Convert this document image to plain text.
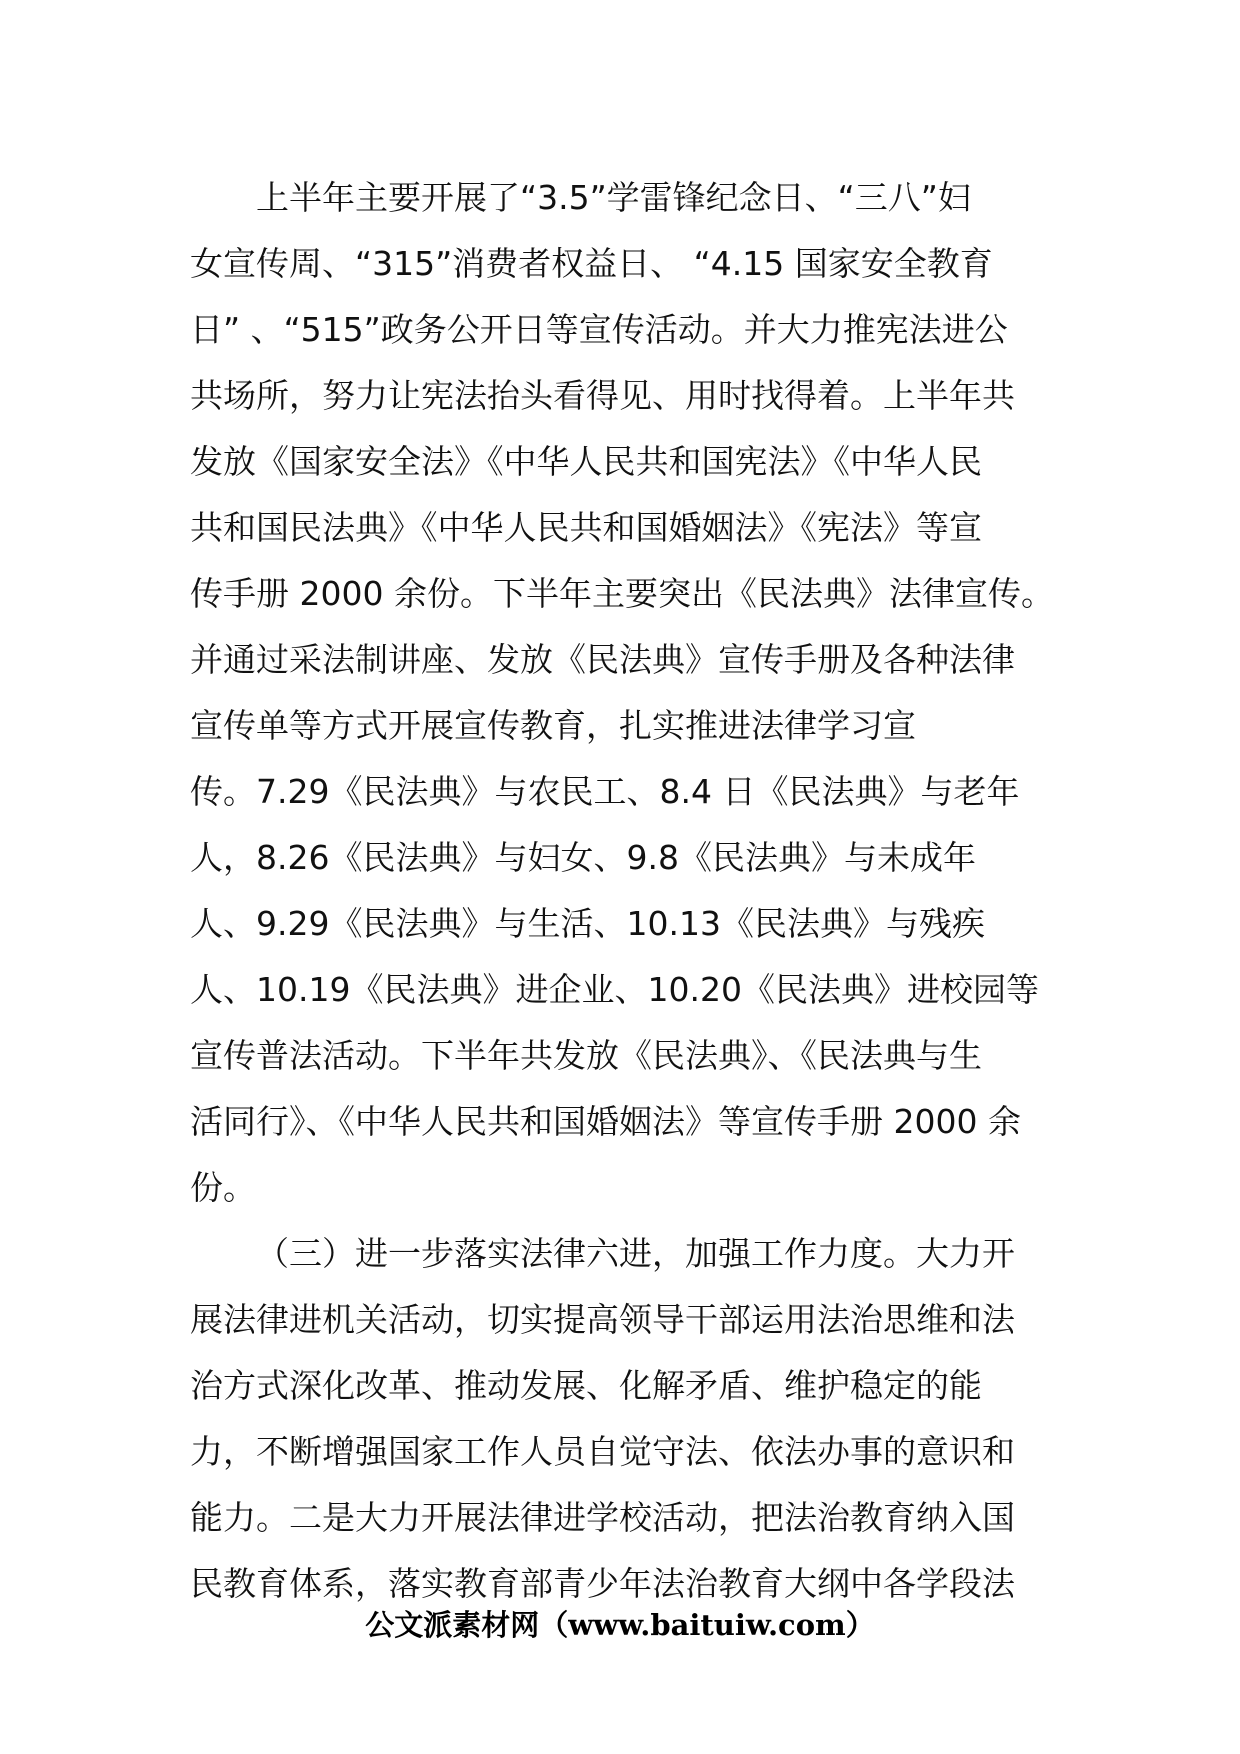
上半年主要开展了“3.5”学雷锋纪念日、“三八”妇
女宣传周、“315”消费者权益日、 “4.15 国家安全教育
日” 、“515”政务公开日等宣传活动。并大力推宪法进公
共场所，努力让宪法抬头看得见、用时找得着。上半年共
发放《国家安全法》《中华人民共和国宪法》《中华人民
共和国民法典》《中华人民共和国婚姻法》《宪法》等宣
传手册 2000 余份。下半年主要突出《民法典》法律宣传。
并通过采法制讲座、发放《民法典》宣传手册及各种法律
宣传单等方式开展宣传教育，扎实推进法律学习宣
传。7.29《民法典》与农民工、8.4 日《民法典》与老年
人，8.26《民法典》与妇女、9.8《民法典》与未成年
人、9.29《民法典》与生活、10.13《民法典》与残疾
人、10.19《民法典》进企业、10.20《民法典》进校园等
宣传普法活动。下半年共发放《民法典》、《民法典与生
活同行》、《中华人民共和国婚姻法》等宣传手册 2000 余
份。
（三）进一步落实法律六进，加强工作力度。大力开
展法律进机关活动，切实提高领导干部运用法治思维和法
治方式深化改革、推动发展、化解矛盾、维护稳定的能
力，不断增强国家工作人员自觉守法、依法办事的意识和
能力。二是大力开展法律进学校活动，把法治教育纳入国
民教育体系，落实教育部青少年法治教育大纲中各学段法
公文派素材网（www.baituiw.com）
